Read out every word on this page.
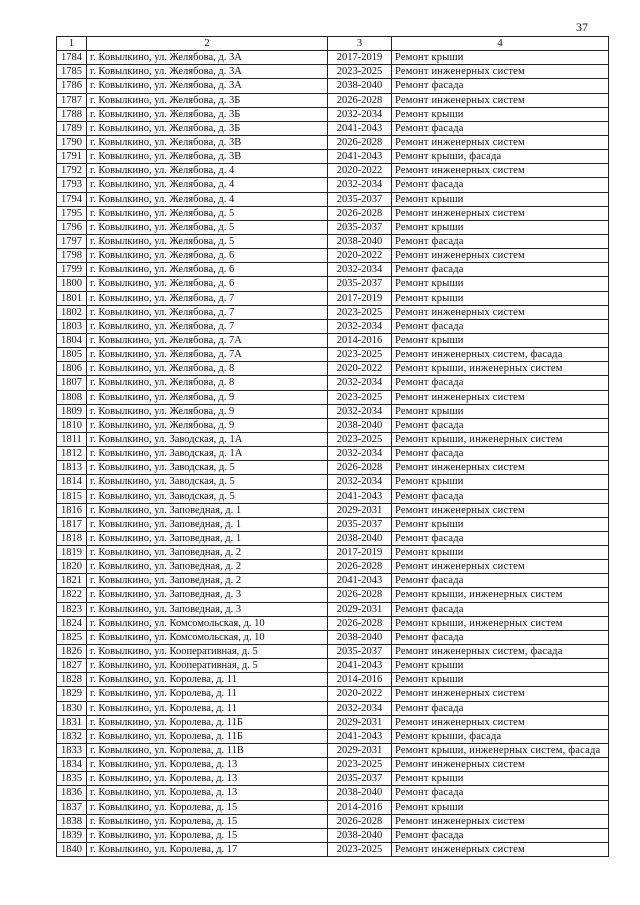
37
1	2	3	4
1784	г. Ковылкино, ул. Желябова, д. 3А	2017-2019	Ремонт крыши
1785	г. Ковылкино, ул. Желябова, д. 3А	2023-2025	Ремонт инженерных систем
1786	г. Ковылкино, ул. Желябова, д. 3А	2038-2040	Ремонт фасада
1787	г. Ковылкино, ул. Желябова, д. 3Б	2026-2028	Ремонт инженерных систем
1788	г. Ковылкино, ул. Желябова, д. 3Б	2032-2034	Ремонт крыши
1789	г. Ковылкино, ул. Желябова, д. 3Б	2041-2043	Ремонт фасада
1790	г. Ковылкино, ул. Желябова, д. 3В	2026-2028	Ремонт инженерных систем
1791	г. Ковылкино, ул. Желябова, д. 3В	2041-2043	Ремонт крыши, фасада
1792	г. Ковылкино, ул. Желябова, д. 4	2020-2022	Ремонт инженерных систем
1793	г. Ковылкино, ул. Желябова, д. 4	2032-2034	Ремонт фасада
1794	г. Ковылкино, ул. Желябова, д. 4	2035-2037	Ремонт крыши
1795	г. Ковылкино, ул. Желябова, д. 5	2026-2028	Ремонт инженерных систем
1796	г. Ковылкино, ул. Желябова, д. 5	2035-2037	Ремонт крыши
1797	г. Ковылкино, ул. Желябова, д. 5	2038-2040	Ремонт фасада
1798	г. Ковылкино, ул. Желябова, д. 6	2020-2022	Ремонт инженерных систем
1799	г. Ковылкино, ул. Желябова, д. 6	2032-2034	Ремонт фасада
1800	г. Ковылкино, ул. Желябова, д. 6	2035-2037	Ремонт крыши
1801	г. Ковылкино, ул. Желябова, д. 7	2017-2019	Ремонт крыши
1802	г. Ковылкино, ул. Желябова, д. 7	2023-2025	Ремонт инженерных систем
1803	г. Ковылкино, ул. Желябова, д. 7	2032-2034	Ремонт фасада
1804	г. Ковылкино, ул. Желябова, д. 7А	2014-2016	Ремонт крыши
1805	г. Ковылкино, ул. Желябова, д. 7А	2023-2025	Ремонт инженерных систем, фасада
1806	г. Ковылкино, ул. Желябова, д. 8	2020-2022	Ремонт крыши, инженерных систем
1807	г. Ковылкино, ул. Желябова, д. 8	2032-2034	Ремонт фасада
1808	г. Ковылкино, ул. Желябова, д. 9	2023-2025	Ремонт инженерных систем
1809	г. Ковылкино, ул. Желябова, д. 9	2032-2034	Ремонт крыши
1810	г. Ковылкино, ул. Желябова, д. 9	2038-2040	Ремонт фасада
1811	г. Ковылкино, ул. Заводская, д. 1А	2023-2025	Ремонт крыши, инженерных систем
1812	г. Ковылкино, ул. Заводская, д. 1А	2032-2034	Ремонт фасада
1813	г. Ковылкино, ул. Заводская, д. 5	2026-2028	Ремонт инженерных систем
1814	г. Ковылкино, ул. Заводская, д. 5	2032-2034	Ремонт крыши
1815	г. Ковылкино, ул. Заводская, д. 5	2041-2043	Ремонт фасада
1816	г. Ковылкино, ул. Заповедная, д. 1	2029-2031	Ремонт инженерных систем
1817	г. Ковылкино, ул. Заповедная, д. 1	2035-2037	Ремонт крыши
1818	г. Ковылкино, ул. Заповедная, д. 1	2038-2040	Ремонт фасада
1819	г. Ковылкино, ул. Заповедная, д. 2	2017-2019	Ремонт крыши
1820	г. Ковылкино, ул. Заповедная, д. 2	2026-2028	Ремонт инженерных систем
1821	г. Ковылкино, ул. Заповедная, д. 2	2041-2043	Ремонт фасада
1822	г. Ковылкино, ул. Заповедная, д. 3	2026-2028	Ремонт крыши, инженерных систем
1823	г. Ковылкино, ул. Заповедная, д. 3	2029-2031	Ремонт фасада
1824	г. Ковылкино, ул. Комсомольская, д. 10	2026-2028	Ремонт крыши, инженерных систем
1825	г. Ковылкино, ул. Комсомольская, д. 10	2038-2040	Ремонт фасада
1826	г. Ковылкино, ул. Кооперативная, д. 5	2035-2037	Ремонт инженерных систем, фасада
1827	г. Ковылкино, ул. Кооперативная, д. 5	2041-2043	Ремонт крыши
1828	г. Ковылкино, ул. Королева, д. 11	2014-2016	Ремонт крыши
1829	г. Ковылкино, ул. Королева, д. 11	2020-2022	Ремонт инженерных систем
1830	г. Ковылкино, ул. Королева, д. 11	2032-2034	Ремонт фасада
1831	г. Ковылкино, ул. Королева, д. 11Б	2029-2031	Ремонт инженерных систем
1832	г. Ковылкино, ул. Королева, д. 11Б	2041-2043	Ремонт крыши, фасада
1833	г. Ковылкино, ул. Королева, д. 11В	2029-2031	Ремонт крыши, инженерных систем, фасада
1834	г. Ковылкино, ул. Королева, д. 13	2023-2025	Ремонт инженерных систем
1835	г. Ковылкино, ул. Королева, д. 13	2035-2037	Ремонт крыши
1836	г. Ковылкино, ул. Королева, д. 13	2038-2040	Ремонт фасада
1837	г. Ковылкино, ул. Королева, д. 15	2014-2016	Ремонт крыши
1838	г. Ковылкино, ул. Королева, д. 15	2026-2028	Ремонт инженерных систем
1839	г. Ковылкино, ул. Королева, д. 15	2038-2040	Ремонт фасада
1840	г. Ковылкино, ул. Королева, д. 17	2023-2025	Ремонт инженерных систем
